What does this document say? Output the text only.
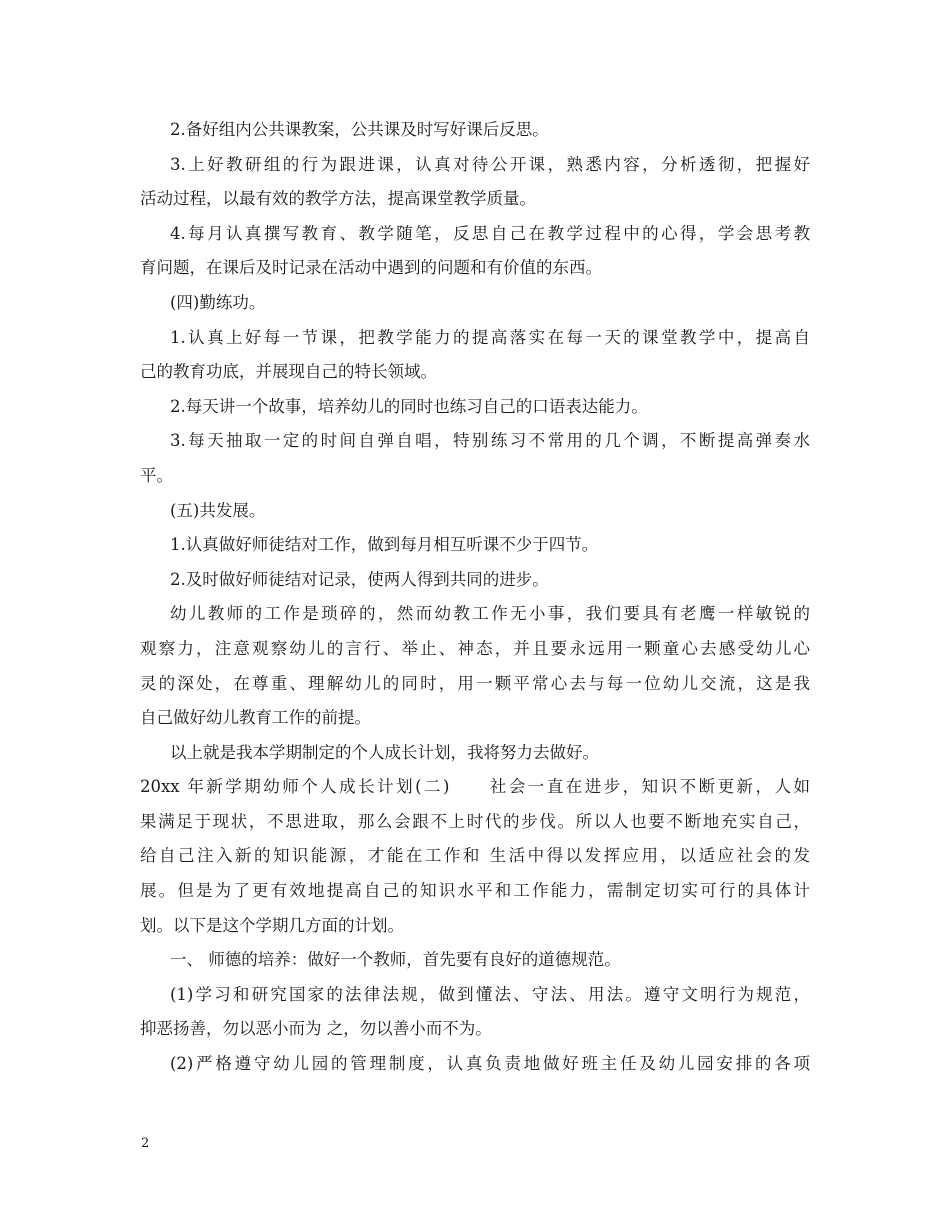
2.备好组内公共课教案，公共课及时写好课后反思。
3.上好教研组的行为跟进课，认真对待公开课，熟悉内容，分析透彻，把握好
活动过程，以最有效的教学方法，提高课堂教学质量。
4.每月认真撰写教育、教学随笔，反思自己在教学过程中的心得，学会思考教
育问题，在课后及时记录在活动中遇到的问题和有价值的东西。
(四)勤练功。
1.认真上好每一节课，把教学能力的提高落实在每一天的课堂教学中，提高自
己的教育功底，并展现自己的特长领域。
2.每天讲一个故事，培养幼儿的同时也练习自己的口语表达能力。
3.每天抽取一定的时间自弹自唱，特别练习不常用的几个调，不断提高弹奏水
平。
(五)共发展。
1.认真做好师徒结对工作，做到每月相互听课不少于四节。
2.及时做好师徒结对记录，使两人得到共同的进步。
幼儿教师的工作是琐碎的，然而幼教工作无小事，我们要具有老鹰一样敏锐的
观察力，注意观察幼儿的言行、举止、神态，并且要永远用一颗童心去感受幼儿心
灵的深处，在尊重、理解幼儿的同时，用一颗平常心去与每一位幼儿交流，这是我
自己做好幼儿教育工作的前提。
以上就是我本学期制定的个人成长计划，我将努力去做好。
20xx 年新学期幼师个人成长计划(二)　　社会一直在进步，知识不断更新，人如
果满足于现状，不思进取，那么会跟不上时代的步伐。所以人也要不断地充实自己，
给自己注入新的知识能源，才能在工作和 生活中得以发挥应用，以适应社会的发
展。但是为了更有效地提高自己的知识水平和工作能力，需制定切实可行的具体计
划。以下是这个学期几方面的计划。
一、 师德的培养：做好一个教师，首先要有良好的道德规范。
(1)学习和研究国家的法律法规，做到懂法、守法、用法。遵守文明行为规范，
抑恶扬善，勿以恶小而为 之，勿以善小而不为。
(2)严格遵守幼儿园的管理制度，认真负责地做好班主任及幼儿园安排的各项
2
